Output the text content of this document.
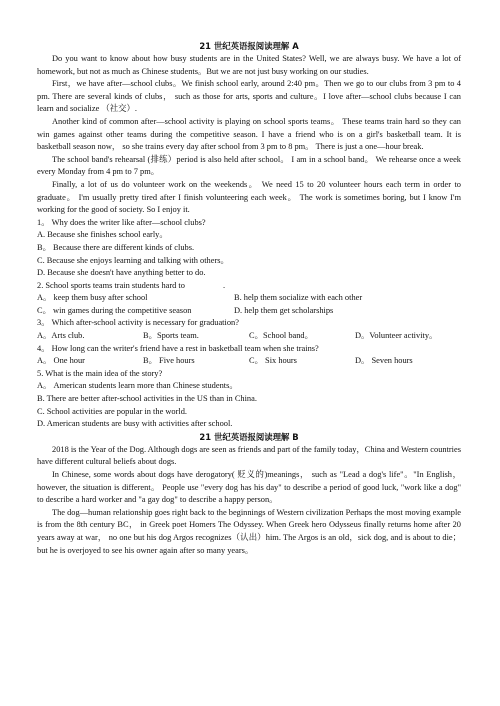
21 世纪英语报阅读理解 A

Do you want to know about how busy students are in the United States? Well, we are always busy. We have a lot of homework, but not as much as Chinese students。But we are not just busy working on our studies.

First，we have after—school clubs。We finish school early, around 2:40 pm。Then we go to our clubs from 3 pm to 4 pm. There are several kinds of clubs， such as those for arts, sports and culture。I love after—school clubs because I can learn and socialize （社交）.

Another kind of common after—school activity is playing on school sports teams。 These teams train hard so they can win games against other teams during the competitive season. I have a friend who is on a girl's basketball team. It is basketball season now， so she trains every day after school from 3 pm to 8 pm。 There is just a one—hour break.

The school band's rehearsal (排练）period is also held after school。 I am in a school band。 We rehearse once a week every Monday from 4 pm to 7 pm。

Finally, a lot of us do volunteer work on the weekends。 We need 15 to 20 volunteer hours each term in order to graduate。 I'm usually pretty tired after I finish volunteering each week。 The work is sometimes boring, but I know I'm working for the good of society. So I enjoy it.

1。 Why does the writer like after—school clubs?

A. Because she finishes school early。

B。 Because there are different kinds of clubs.

C. Because she enjoys learning and talking with others。

D. Because she doesn't have anything better to do.

2. School sports teams train students hard to	.

A。 keep them busy after school	B. help them socialize with each other
C。 win games during the competitive season	D. help them get scholarships

3。 Which after-school activity is necessary for graduation?

A。Arts club.	B。Sports team.	C。School band。	D。Volunteer activity。

4。 How long can the writer's friend have a rest in basketball team when she trains?

A。 One hour	B。 Five hours	C。 Six hours	D。 Seven hours

5. What is the main idea of the story?

A。 American students learn more than Chinese students。

B. There are better after-school activities in the US than in China.

C. School activities are popular in the world.

D. American students are busy with activities after school.

21 世纪英语报阅读理解 B

2018 is the Year of the Dog. Although dogs are seen as friends and part of the family today，China and Western countries have different cultural beliefs about dogs.

In Chinese, some words about dogs have derogatory( 贬义的)meanings， such as "Lead a dog's life"。"In English，however, the situation is different。 People use "every dog has his day" to describe a period of good luck, "work like a dog" to describe a hard worker and "a gay dog" to describe a happy person。

The dog—human relationship goes right back to the beginnings of Western civilization Perhaps the most moving example is from the 8th century BC， in Greek poet Homers The Odyssey. When Greek hero Odysseus finally returns home after 20 years away at war， no one but his dog Argos recognizes（认出）him. The Argos is an old，sick dog, and is about to die；but he is overjoyed to see his owner again after so many years。
